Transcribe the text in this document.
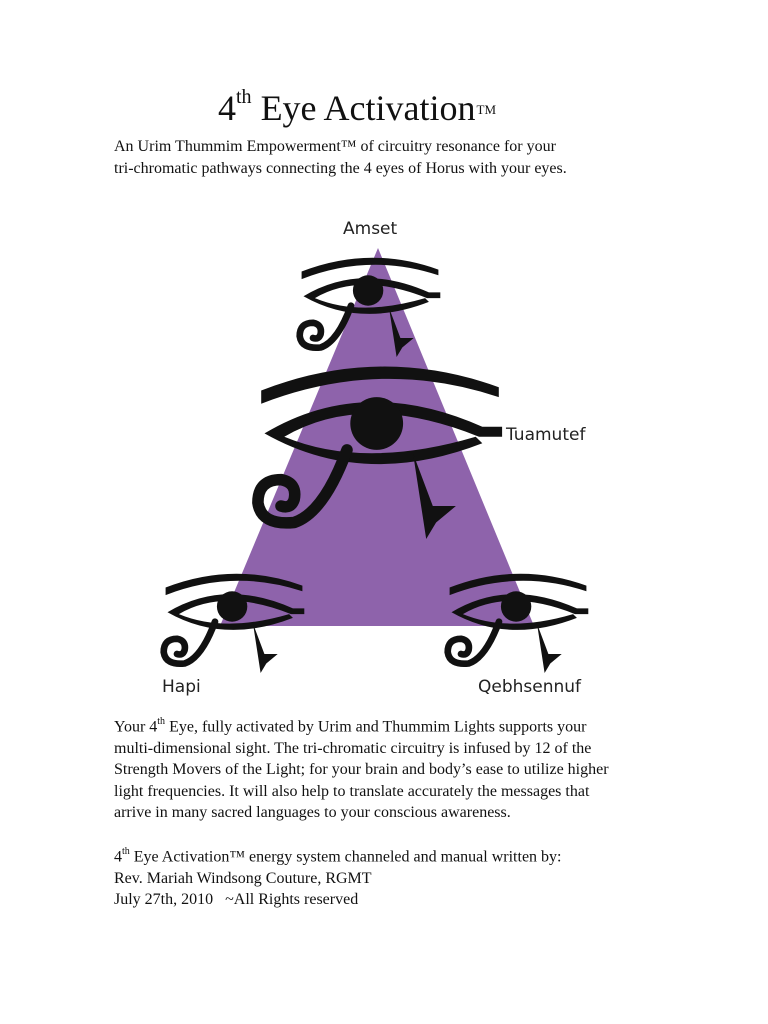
4th Eye ActivationTM
An Urim Thummim Empowerment™ of circuitry resonance for your
tri-chromatic pathways connecting the 4 eyes of Horus with your eyes.
Amset
Tuamutef
Hapi	Qebhsennuf
Your 4th Eye, fully activated by Urim and Thummim Lights supports your
multi-dimensional sight. The tri-chromatic circuitry is infused by 12 of the
Strength Movers of the Light; for your brain and body’s ease to utilize higher
light frequencies. It will also help to translate accurately the messages that
arrive in many sacred languages to your conscious awareness.
4th Eye Activation™ energy system channeled and manual written by:
Rev. Mariah Windsong Couture, RGMT
July 27th, 2010   ~All Rights reserved
